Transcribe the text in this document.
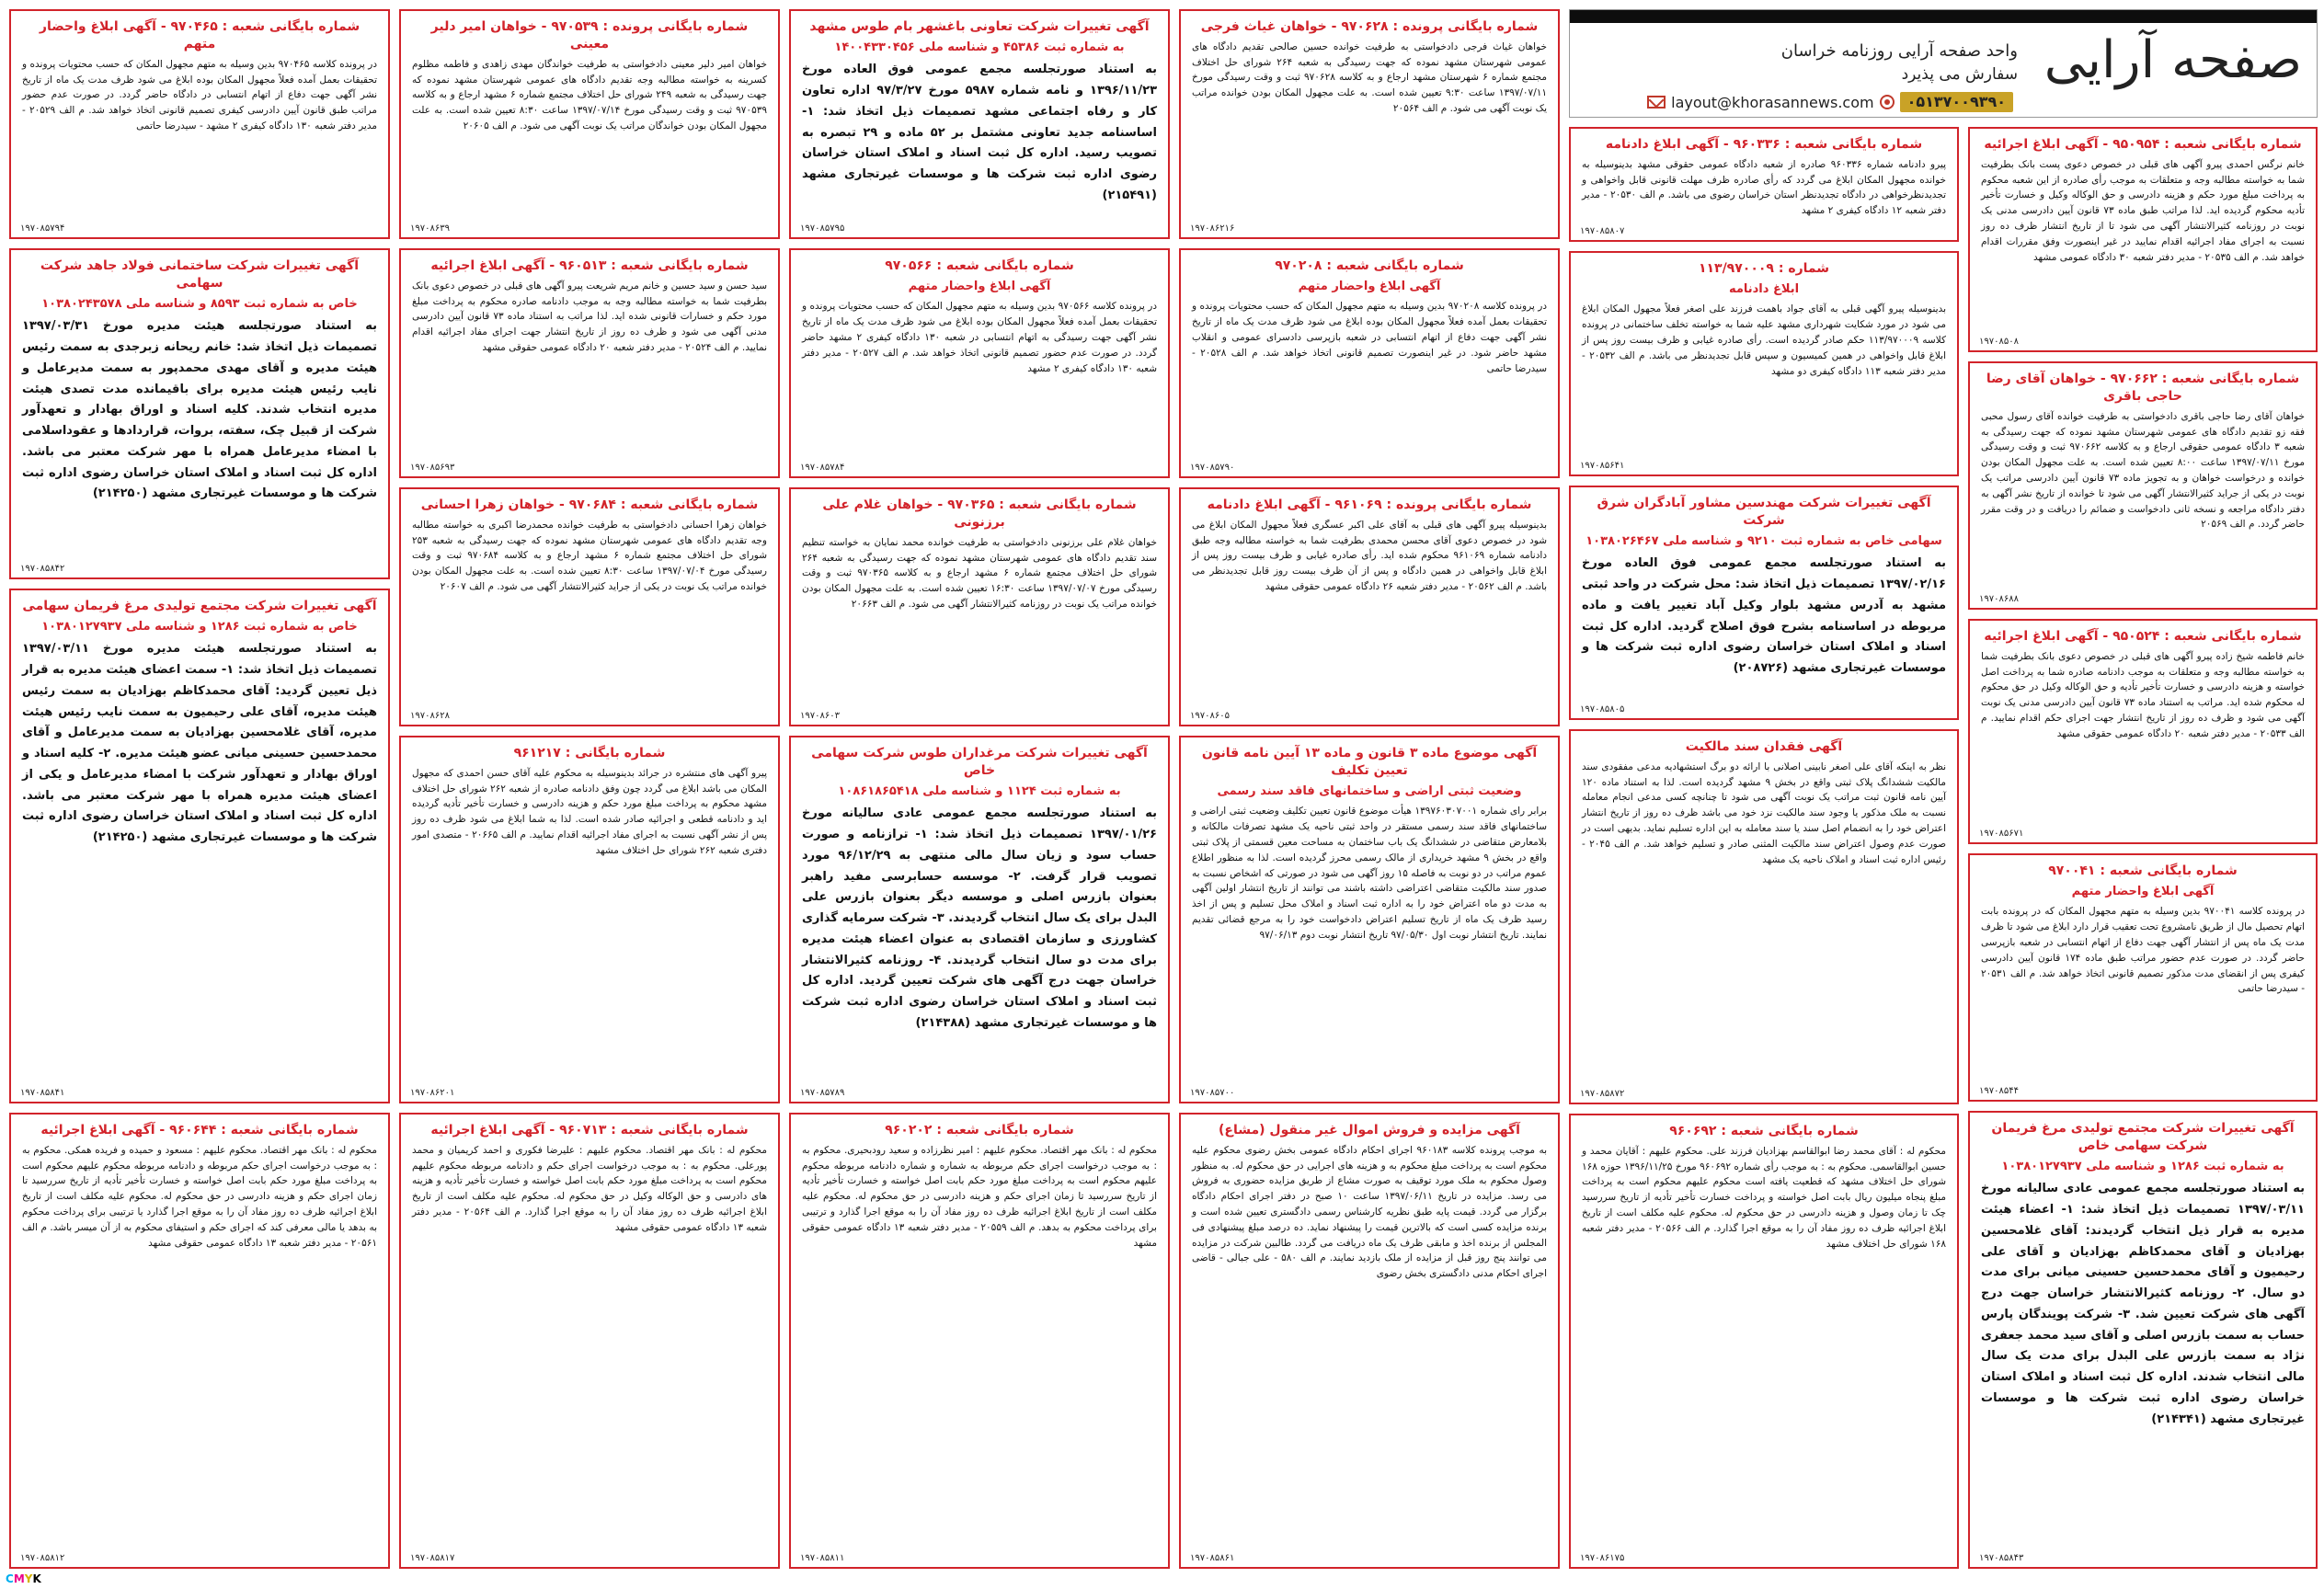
صفحه آرایی
واحد صفحه آرایی روزنامه خراسان
سفارش می پذیرد
layout@khorasannews.com	۰۵۱۳۷۰۰۹۳۹۰
شماره بایگانی شعبه : ۹۵۰۹۵۴ - آگهی ابلاغ اجرائیه
خانم نرگس احمدی پیرو آگهی های قبلی در خصوص دعوی پست بانک بطرفیت شما به خواسته مطالبه وجه و متعلقات به موجب رأی صادره از این شعبه محکوم به پرداخت مبلغ مورد حکم و هزینه دادرسی و حق الوکاله وکیل و خسارت تأخیر تأدیه محکوم گردیده اید. لذا مراتب طبق ماده ۷۳ قانون آیین دادرسی مدنی یک نوبت در روزنامه کثیرالانتشار آگهی می شود تا از تاریخ انتشار ظرف ده روز نسبت به اجرای مفاد اجرائیه اقدام نمایید در غیر اینصورت وفق مقررات اقدام خواهد شد. م الف ۲۰۵۳۵ - مدیر دفتر شعبه ۳۰ دادگاه عمومی مشهد
۱۹۷۰۸۵۰۸
شماره بایگانی شعبه : ۹۷۰۶۶۲ - خواهان آقای رضا حاجی باقری
خواهان آقای رضا حاجی باقری دادخواستی به طرفیت خوانده آقای رسول محبی فقه زو تقدیم دادگاه های عمومی شهرستان مشهد نموده که جهت رسیدگی به شعبه ۳ دادگاه عمومی حقوقی ارجاع و به کلاسه ۹۷۰۶۶۲ ثبت و وقت رسیدگی مورخ ۱۳۹۷/۰۷/۱۱ ساعت ۸:۰۰ تعیین شده است. به علت مجهول المکان بودن خوانده و درخواست خواهان و به تجویز ماده ۷۳ قانون آیین دادرسی مراتب یک نوبت در یکی از جراید کثیرالانتشار آگهی می شود تا خوانده از تاریخ نشر آگهی به دفتر دادگاه مراجعه و نسخه ثانی دادخواست و ضمائم را دریافت و در وقت مقرر حاضر گردد. م الف ۲۰۵۶۹
۱۹۷۰۸۶۸۸
شماره بایگانی شعبه : ۹۵۰۵۲۴ - آگهی ابلاغ اجرائیه
خانم فاطمه شیخ زاده پیرو آگهی های قبلی در خصوص دعوی بانک بطرفیت شما به خواسته مطالبه وجه و متعلقات به موجب دادنامه صادره شما به پرداخت اصل خواسته و هزینه دادرسی و خسارت تأخیر تأدیه و حق الوکاله وکیل در حق محکوم له محکوم شده اید. مراتب به استناد ماده ۷۳ قانون آیین دادرسی مدنی یک نوبت آگهی می شود و ظرف ده روز از تاریخ انتشار جهت اجرای حکم اقدام نمایید. م الف ۲۰۵۳۳ - مدیر دفتر شعبه ۲۰ دادگاه عمومی حقوقی مشهد
۱۹۷۰۸۵۶۷۱
شماره بایگانی شعبه : ۹۷۰۰۴۱
آگهی ابلاغ واحضار متهم
در پرونده کلاسه ۹۷۰۰۴۱ بدین وسیله به متهم مجهول المکان که در پرونده بابت اتهام تحصیل مال از طریق نامشروع تحت تعقیب قرار دارد ابلاغ می شود تا ظرف مدت یک ماه پس از انتشار آگهی جهت دفاع از اتهام انتسابی در شعبه بازپرسی حاضر گردد. در صورت عدم حضور مراتب طبق ماده ۱۷۴ قانون آیین دادرسی کیفری پس از انقضای مدت مذکور تصمیم قانونی اتخاذ خواهد شد. م الف ۲۰۵۳۱ - سیدرضا حاتمی
۱۹۷۰۸۵۴۴
آگهی تغییرات شرکت مجتمع تولیدی مرغ فریمان شرکت سهامی خاص
به شماره ثبت ۱۲۸۶ و شناسه ملی ۱۰۳۸۰۱۲۷۹۳۷
به استناد صورتجلسه مجمع عمومی عادی سالیانه مورخ ۱۳۹۷/۰۳/۱۱ تصمیمات ذیل اتخاذ شد: ۱- اعضاء هیئت مدیره به قرار ذیل انتخاب گردیدند: آقای غلامحسین بهزادیان و آقای محمدکاظم بهزادیان و آقای علی رحیمیون و آقای محمدحسین حسینی میانی برای مدت دو سال. ۲- روزنامه کثیرالانتشار خراسان جهت درج آگهی های شرکت تعیین شد. ۳- شرکت پویندگان پارس حساب به سمت بازرس اصلی و آقای سید محمد جعفری نژاد به سمت بازرس علی البدل برای مدت یک سال مالی انتخاب شدند. اداره کل ثبت اسناد و املاک استان خراسان رضوی اداره ثبت شرکت ها و موسسات غیرتجاری مشهد (۲۱۴۳۴۱)
۱۹۷۰۸۵۸۴۳
شماره بایگانی شعبه : ۹۶۰۳۳۶ - آگهی ابلاغ دادنامه
پیرو دادنامه شماره ۹۶۰۳۳۶ صادره از شعبه دادگاه عمومی حقوقی مشهد بدینوسیله به خوانده مجهول المکان ابلاغ می گردد که رأی صادره ظرف مهلت قانونی قابل واخواهی و تجدیدنظرخواهی در دادگاه تجدیدنظر استان خراسان رضوی می باشد. م الف ۲۰۵۳۰ - مدیر دفتر شعبه ۱۲ دادگاه کیفری ۲ مشهد
۱۹۷۰۸۵۸۰۷
شماره : ۱۱۳/۹۷۰۰۰۹
ابلاغ دادنامه
بدینوسیله پیرو آگهی قبلی به آقای جواد باهمت فرزند علی اصغر فعلاً مجهول المکان ابلاغ می شود در مورد شکایت شهرداری مشهد علیه شما به خواسته تخلف ساختمانی در پرونده کلاسه ۱۱۳/۹۷۰۰۰۹ حکم صادر گردیده است. رأی صادره غیابی و ظرف بیست روز پس از ابلاغ قابل واخواهی در همین کمیسیون و سپس قابل تجدیدنظر می باشد. م الف ۲۰۵۳۲ - مدیر دفتر شعبه ۱۱۳ دادگاه کیفری دو مشهد
۱۹۷۰۸۵۶۴۱
آگهی تغییرات شرکت مهندسین مشاور آبادگران شرق شرکت
سهامی خاص به شماره ثبت ۹۲۱۰ و شناسه ملی ۱۰۳۸۰۲۶۴۶۷
به استناد صورتجلسه مجمع عمومی فوق العاده مورخ ۱۳۹۷/۰۲/۱۶ تصمیمات ذیل اتخاذ شد: محل شرکت در واحد ثبتی مشهد به آدرس مشهد بلوار وکیل آباد تغییر یافت و ماده مربوطه در اساسنامه بشرح فوق اصلاح گردید. اداره کل ثبت اسناد و املاک استان خراسان رضوی اداره ثبت شرکت ها و موسسات غیرتجاری مشهد (۲۰۸۷۲۶)
۱۹۷۰۸۵۸۰۵
آگهی فقدان سند مالکیت
نظر به اینکه آقای علی اصغر نابینی اصلانی با ارائه دو برگ استشهادیه مدعی مفقودی سند مالکیت ششدانگ پلاک ثبتی واقع در بخش ۹ مشهد گردیده است. لذا به استناد ماده ۱۲۰ آیین نامه قانون ثبت مراتب یک نوبت آگهی می شود تا چنانچه کسی مدعی انجام معامله نسبت به ملک مذکور یا وجود سند مالکیت نزد خود می باشد ظرف ده روز از تاریخ انتشار اعتراض خود را به انضمام اصل سند یا سند معامله به این اداره تسلیم نماید. بدیهی است در صورت عدم وصول اعتراض سند مالکیت المثنی صادر و تسلیم خواهد شد. م الف ۲۰۴۵ - رئیس اداره ثبت اسناد و املاک ناحیه یک مشهد
۱۹۷۰۸۵۸۷۲
شماره بایگانی شعبه : ۹۶۰۶۹۲
محکوم له : آقای محمد رضا ابوالقاسم بهزادیان فرزند علی. محکوم علیهم : آقایان محمد و حسین ابوالقاسمی. محکوم به : به موجب رأی شماره ۹۶۰۶۹۲ مورخ ۱۳۹۶/۱۱/۲۵ حوزه ۱۶۸ شورای حل اختلاف مشهد که قطعیت یافته است محکوم علیهم محکوم است به پرداخت مبلغ پنجاه میلیون ریال بابت اصل خواسته و پرداخت خسارت تأخیر تأدیه از تاریخ سررسید چک تا زمان وصول و هزینه دادرسی در حق محکوم له. محکوم علیه مکلف است از تاریخ ابلاغ اجرائیه ظرف ده روز مفاد آن را به موقع اجرا گذارد. م الف ۲۰۵۶۶ - مدیر دفتر شعبه ۱۶۸ شورای حل اختلاف مشهد
۱۹۷۰۸۶۱۷۵
شماره بایگانی پرونده : ۹۷۰۶۲۸ - خواهان غیاث فرجی
خواهان غیاث فرجی دادخواستی به طرفیت خوانده حسین صالحی تقدیم دادگاه های عمومی شهرستان مشهد نموده که جهت رسیدگی به شعبه ۲۶۴ شورای حل اختلاف مجتمع شماره ۶ شهرستان مشهد ارجاع و به کلاسه ۹۷۰۶۲۸ ثبت و وقت رسیدگی مورخ ۱۳۹۷/۰۷/۱۱ ساعت ۹:۳۰ تعیین شده است. به علت مجهول المکان بودن خوانده مراتب یک نوبت آگهی می شود. م الف ۲۰۵۶۴
۱۹۷۰۸۶۲۱۶
شماره بایگانی شعبه : ۹۷۰۲۰۸
آگهی ابلاغ واحضار متهم
در پرونده کلاسه ۹۷۰۲۰۸ بدین وسیله به متهم مجهول المکان که حسب محتویات پرونده و تحقیقات بعمل آمده فعلاً مجهول المکان بوده ابلاغ می شود ظرف مدت یک ماه از تاریخ نشر آگهی جهت دفاع از اتهام انتسابی در شعبه بازپرسی دادسرای عمومی و انقلاب مشهد حاضر شود. در غیر اینصورت تصمیم قانونی اتخاذ خواهد شد. م الف ۲۰۵۲۸ - سیدرضا حاتمی
۱۹۷۰۸۵۷۹۰
شماره بایگانی پرونده : ۹۶۱۰۶۹ - آگهی ابلاغ دادنامه
بدینوسیله پیرو آگهی های قبلی به آقای علی اکبر عسگری فعلاً مجهول المکان ابلاغ می شود در خصوص دعوی آقای محسن محمدی بطرفیت شما به خواسته مطالبه وجه طبق دادنامه شماره ۹۶۱۰۶۹ محکوم شده اید. رأی صادره غیابی و ظرف بیست روز پس از ابلاغ قابل واخواهی در همین دادگاه و پس از آن ظرف بیست روز قابل تجدیدنظر می باشد. م الف ۲۰۵۶۲ - مدیر دفتر شعبه ۲۶ دادگاه عمومی حقوقی مشهد
۱۹۷۰۸۶۰۵
آگهی موضوع ماده ۳ قانون و ماده ۱۳ آیین نامه قانون تعیین تکلیف
وضعیت ثبتی اراضی و ساختمانهای فاقد سند رسمی
برابر رای شماره ۱۳۹۷۶۰۳۰۷۰۰۱ هیأت موضوع قانون تعیین تکلیف وضعیت ثبتی اراضی و ساختمانهای فاقد سند رسمی مستقر در واحد ثبتی ناحیه یک مشهد تصرفات مالکانه و بلامعارض متقاضی در ششدانگ یک باب ساختمان به مساحت معین قسمتی از پلاک ثبتی واقع در بخش ۹ مشهد خریداری از مالک رسمی محرز گردیده است. لذا به منظور اطلاع عموم مراتب در دو نوبت به فاصله ۱۵ روز آگهی می شود در صورتی که اشخاص نسبت به صدور سند مالکیت متقاضی اعتراضی داشته باشند می توانند از تاریخ انتشار اولین آگهی به مدت دو ماه اعتراض خود را به اداره ثبت اسناد و املاک محل تسلیم و پس از اخذ رسید ظرف یک ماه از تاریخ تسلیم اعتراض دادخواست خود را به مرجع قضائی تقدیم نمایند. تاریخ انتشار نوبت اول ۹۷/۰۵/۳۰ تاریخ انتشار نوبت دوم ۹۷/۰۶/۱۳
۱۹۷۰۸۵۷۰۰
آگهی مزایده و فروش اموال غیر منقول (مشاع)
به موجب پرونده کلاسه ۹۶۰۱۸۳ اجرای احکام دادگاه عمومی بخش رضوی محکوم علیه محکوم است به پرداخت مبلغ محکوم به و هزینه های اجرایی در حق محکوم له. به منظور وصول محکوم به ملک مورد توقیف به صورت مشاع از طریق مزایده حضوری به فروش می رسد. مزایده در تاریخ ۱۳۹۷/۰۶/۱۱ ساعت ۱۰ صبح در دفتر اجرای احکام دادگاه برگزار می گردد. قیمت پایه طبق نظریه کارشناس رسمی دادگستری تعیین شده است و برنده مزایده کسی است که بالاترین قیمت را پیشنهاد نماید. ده درصد مبلغ پیشنهادی فی المجلس از برنده اخذ و مابقی ظرف یک ماه دریافت می گردد. طالبین شرکت در مزایده می توانند پنج روز قبل از مزایده از ملک بازدید نمایند. م الف ۵۸۰ - علی جبالی - قاضی اجرای احکام مدنی دادگستری بخش رضوی
۱۹۷۰۸۵۸۶۱
آگهی تغییرات شرکت تعاونی باغشهر بام طوس مشهد
به شماره ثبت ۴۵۳۸۶ و شناسه ملی ۱۴۰۰۴۳۳۰۴۵۶
به استناد صورتجلسه مجمع عمومی فوق العاده مورخ ۱۳۹۶/۱۱/۲۳ و نامه شماره ۵۹۸۷ مورخ ۹۷/۳/۲۷ اداره تعاون کار و رفاه اجتماعی مشهد تصمیمات ذیل اتخاذ شد: ۱- اساسنامه جدید تعاونی مشتمل بر ۵۲ ماده و ۲۹ تبصره به تصویب رسید. اداره کل ثبت اسناد و املاک استان خراسان رضوی اداره ثبت شرکت ها و موسسات غیرتجاری مشهد (۲۱۵۴۹۱)
۱۹۷۰۸۵۷۹۵
شماره بایگانی شعبه : ۹۷۰۵۶۶
آگهی ابلاغ واحضار متهم
در پرونده کلاسه ۹۷۰۵۶۶ بدین وسیله به متهم مجهول المکان که حسب محتویات پرونده و تحقیقات بعمل آمده فعلاً مجهول المکان بوده ابلاغ می شود ظرف مدت یک ماه از تاریخ نشر آگهی جهت رسیدگی به اتهام انتسابی در شعبه ۱۳۰ دادگاه کیفری ۲ مشهد حاضر گردد. در صورت عدم حضور تصمیم قانونی اتخاذ خواهد شد. م الف ۲۰۵۲۷ - مدیر دفتر شعبه ۱۳۰ دادگاه کیفری ۲ مشهد
۱۹۷۰۸۵۷۸۴
شماره بایگانی شعبه : ۹۷۰۳۶۵ - خواهان غلام علی برزنونی
خواهان غلام علی برزنونی دادخواستی به طرفیت خوانده محمد نمایان به خواسته تنظیم سند تقدیم دادگاه های عمومی شهرستان مشهد نموده که جهت رسیدگی به شعبه ۲۶۴ شورای حل اختلاف مجتمع شماره ۶ مشهد ارجاع و به کلاسه ۹۷۰۳۶۵ ثبت و وقت رسیدگی مورخ ۱۳۹۷/۰۷/۰۷ ساعت ۱۶:۳۰ تعیین شده است. به علت مجهول المکان بودن خوانده مراتب یک نوبت در روزنامه کثیرالانتشار آگهی می شود. م الف ۲۰۶۶۳
۱۹۷۰۸۶۰۳
آگهی تغییرات شرکت مرغداران طوس شرکت سهامی خاص
به شماره ثبت ۱۱۲۴ و شناسه ملی ۱۰۸۶۱۸۶۵۴۱۸
به استناد صورتجلسه مجمع عمومی عادی سالیانه مورخ ۱۳۹۷/۰۱/۲۶ تصمیمات ذیل اتخاذ شد: ۱- ترازنامه و صورت حساب سود و زیان سال مالی منتهی به ۹۶/۱۲/۲۹ مورد تصویب قرار گرفت. ۲- موسسه حسابرسی مفید راهبر بعنوان بازرس اصلی و موسسه دیگر بعنوان بازرس علی البدل برای یک سال انتخاب گردیدند. ۳- شرکت سرمایه گذاری کشاورزی و سازمان اقتصادی به عنوان اعضاء هیئت مدیره برای مدت دو سال انتخاب گردیدند. ۴- روزنامه کثیرالانتشار خراسان جهت درج آگهی های شرکت تعیین گردید. اداره کل ثبت اسناد و املاک استان خراسان رضوی اداره ثبت شرکت ها و موسسات غیرتجاری مشهد (۲۱۴۳۸۸)
۱۹۷۰۸۵۷۸۹
شماره بایگانی شعبه : ۹۶۰۲۰۲
محکوم له : بانک مهر اقتصاد. محکوم علیهم : امیر نظرزاده و سعید رودبحیری. محکوم به : به موجب درخواست اجرای حکم مربوطه به شماره و شماره دادنامه مربوطه محکوم علیهم محکوم است به پرداخت مبلغ مورد حکم بابت اصل خواسته و خسارت تأخیر تأدیه از تاریخ سررسید تا زمان اجرای حکم و هزینه دادرسی در حق محکوم له. محکوم علیه مکلف است از تاریخ ابلاغ اجرائیه ظرف ده روز مفاد آن را به موقع اجرا گذارد و ترتیبی برای پرداخت محکوم به بدهد. م الف ۲۰۵۵۹ - مدیر دفتر شعبه ۱۳ دادگاه عمومی حقوقی مشهد
۱۹۷۰۸۵۸۱۱
شماره بایگانی پرونده : ۹۷۰۵۳۹ - خواهان امیر دلیر معینی
خواهان امیر دلیر معینی دادخواستی به طرفیت خواندگان مهدی زاهدی و فاطمه مظلوم کسرینه به خواسته مطالبه وجه تقدیم دادگاه های عمومی شهرستان مشهد نموده که جهت رسیدگی به شعبه ۲۴۹ شورای حل اختلاف مجتمع شماره ۶ مشهد ارجاع و به کلاسه ۹۷۰۵۳۹ ثبت و وقت رسیدگی مورخ ۱۳۹۷/۰۷/۱۴ ساعت ۸:۳۰ تعیین شده است. به علت مجهول المکان بودن خواندگان مراتب یک نوبت آگهی می شود. م الف ۲۰۶۰۵
۱۹۷۰۸۶۳۹
شماره بایگانی شعبه : ۹۶۰۵۱۳ - آگهی ابلاغ اجرائیه
سید حسن و سید حسین و خانم مریم شریعت پیرو آگهی های قبلی در خصوص دعوی بانک بطرفیت شما به خواسته مطالبه وجه به موجب دادنامه صادره محکوم به پرداخت مبلغ مورد حکم و خسارات قانونی شده اید. لذا مراتب به استناد ماده ۷۳ قانون آیین دادرسی مدنی آگهی می شود و ظرف ده روز از تاریخ انتشار جهت اجرای مفاد اجرائیه اقدام نمایید. م الف ۲۰۵۲۴ - مدیر دفتر شعبه ۲۰ دادگاه عمومی حقوقی مشهد
۱۹۷۰۸۵۶۹۳
شماره بایگانی شعبه : ۹۷۰۶۸۴ - خواهان زهرا احسانی
خواهان زهرا احسانی دادخواستی به طرفیت خوانده محمدرضا اکبری به خواسته مطالبه وجه تقدیم دادگاه های عمومی شهرستان مشهد نموده که جهت رسیدگی به شعبه ۲۵۳ شورای حل اختلاف مجتمع شماره ۶ مشهد ارجاع و به کلاسه ۹۷۰۶۸۴ ثبت و وقت رسیدگی مورخ ۱۳۹۷/۰۷/۰۴ ساعت ۸:۳۰ تعیین شده است. به علت مجهول المکان بودن خوانده مراتب یک نوبت در یکی از جراید کثیرالانتشار آگهی می شود. م الف ۲۰۶۰۷
۱۹۷۰۸۶۲۸
شماره بایگانی : ۹۶۱۲۱۷
پیرو آگهی های منتشره در جرائد بدینوسیله به محکوم علیه آقای حسن احمدی که مجهول المکان می باشد ابلاغ می گردد چون وفق دادنامه صادره از شعبه ۲۶۲ شورای حل اختلاف مشهد محکوم به پرداخت مبلغ مورد حکم و هزینه دادرسی و خسارت تأخیر تأدیه گردیده اید و دادنامه قطعی و اجرائیه صادر شده است. لذا به شما ابلاغ می شود ظرف ده روز پس از نشر آگهی نسبت به اجرای مفاد اجرائیه اقدام نمایید. م الف ۲۰۶۶۵ - متصدی امور دفتری شعبه ۲۶۲ شورای حل اختلاف مشهد
۱۹۷۰۸۶۲۰۱
شماره بایگانی شعبه : ۹۶۰۷۱۳ - آگهی ابلاغ اجرائیه
محکوم له : بانک مهر اقتصاد. محکوم علیهم : علیرضا فکوری و احمد کریمیان و محمد پورعلی. محکوم به : به موجب درخواست اجرای حکم و دادنامه مربوطه محکوم علیهم محکوم است به پرداخت مبلغ مورد حکم بابت اصل خواسته و خسارت تأخیر تأدیه و هزینه های دادرسی و حق الوکاله وکیل در حق محکوم له. محکوم علیه مکلف است از تاریخ ابلاغ اجرائیه ظرف ده روز مفاد آن را به موقع اجرا گذارد. م الف ۲۰۵۶۴ - مدیر دفتر شعبه ۱۳ دادگاه عمومی حقوقی مشهد
۱۹۷۰۸۵۸۱۷
شماره بایگانی شعبه : ۹۷۰۴۶۵ - آگهی ابلاغ واحضار متهم
در پرونده کلاسه ۹۷۰۴۶۵ بدین وسیله به متهم مجهول المکان که حسب محتویات پرونده و تحقیقات بعمل آمده فعلاً مجهول المکان بوده ابلاغ می شود ظرف مدت یک ماه از تاریخ نشر آگهی جهت دفاع از اتهام انتسابی در دادگاه حاضر گردد. در صورت عدم حضور مراتب طبق قانون آیین دادرسی کیفری تصمیم قانونی اتخاذ خواهد شد. م الف ۲۰۵۲۹ - مدیر دفتر شعبه ۱۳۰ دادگاه کیفری ۲ مشهد - سیدرضا حاتمی
۱۹۷۰۸۵۷۹۴
آگهی تغییرات شرکت ساختمانی فولاد جاهد شرکت سهامی
خاص به شماره ثبت ۸۵۹۳ و شناسه ملی ۱۰۳۸۰۲۴۳۵۷۸
به استناد صورتجلسه هیئت مدیره مورخ ۱۳۹۷/۰۳/۳۱ تصمیمات ذیل اتخاذ شد: خانم ریحانه زبرجدی به سمت رئیس هیئت مدیره و آقای مهدی محمدپور به سمت مدیرعامل و نایب رئیس هیئت مدیره برای باقیمانده مدت تصدی هیئت مدیره انتخاب شدند. کلیه اسناد و اوراق بهادار و تعهدآور شرکت از قبیل چک، سفته، بروات، قراردادها و عقوداسلامی با امضاء مدیرعامل همراه با مهر شرکت معتبر می باشد. اداره کل ثبت اسناد و املاک استان خراسان رضوی اداره ثبت شرکت ها و موسسات غیرتجاری مشهد (۲۱۴۲۵۰)
۱۹۷۰۸۵۸۴۲
آگهی تغییرات شرکت مجتمع تولیدی مرغ فریمان سهامی
خاص به شماره ثبت ۱۲۸۶ و شناسه ملی ۱۰۳۸۰۱۲۷۹۳۷
به استناد صورتجلسه هیئت مدیره مورخ ۱۳۹۷/۰۳/۱۱ تصمیمات ذیل اتخاذ شد: ۱- سمت اعضای هیئت مدیره به قرار ذیل تعیین گردید: آقای محمدکاظم بهزادیان به سمت رئیس هیئت مدیره، آقای علی رحیمیون به سمت نایب رئیس هیئت مدیره، آقای غلامحسین بهزادیان به سمت مدیرعامل و آقای محمدحسین حسینی میانی عضو هیئت مدیره. ۲- کلیه اسناد و اوراق بهادار و تعهدآور شرکت با امضاء مدیرعامل و یکی از اعضای هیئت مدیره همراه با مهر شرکت معتبر می باشد. اداره کل ثبت اسناد و املاک استان خراسان رضوی اداره ثبت شرکت ها و موسسات غیرتجاری مشهد (۲۱۴۲۵۰)
۱۹۷۰۸۵۸۴۱
شماره بایگانی شعبه : ۹۶۰۶۴۴ - آگهی ابلاغ اجرائیه
محکوم له : بانک مهر اقتصاد. محکوم علیهم : مسعود و حمیده و فریده همکی. محکوم به : به موجب درخواست اجرای حکم مربوطه و دادنامه مربوطه محکوم علیهم محکوم است به پرداخت مبلغ مورد حکم بابت اصل خواسته و خسارت تأخیر تأدیه از تاریخ سررسید تا زمان اجرای حکم و هزینه دادرسی در حق محکوم له. محکوم علیه مکلف است از تاریخ ابلاغ اجرائیه ظرف ده روز مفاد آن را به موقع اجرا گذارد یا ترتیبی برای پرداخت محکوم به بدهد یا مالی معرفی کند که اجرای حکم و استیفای محکوم به از آن میسر باشد. م الف ۲۰۵۶۱ - مدیر دفتر شعبه ۱۳ دادگاه عمومی حقوقی مشهد
۱۹۷۰۸۵۸۱۲
CMYK
